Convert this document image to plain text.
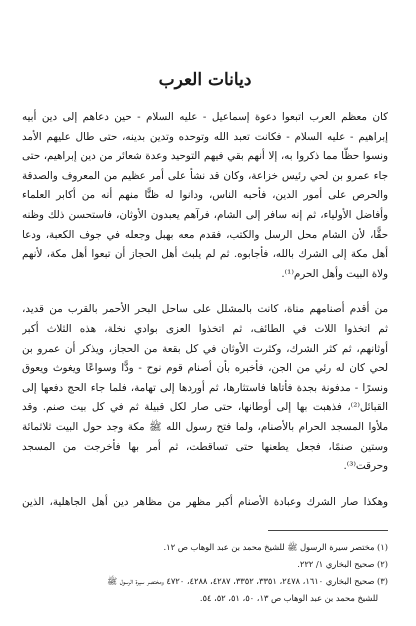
ديانات العرب

كان معظم العرب اتبعوا دعوة إسماعيل - عليه السلام - حين دعاهم إلى دين أبيه
إبراهيم - عليه السلام - فكانت تعبد الله وتوحده وتدين بدينه، حتى طال عليهم الأمد
ونسوا حظًّا مما ذكروا به، إلا أنهم بقي فيهم التوحيد وعدة شعائر من دين إبراهيم، حتى
جاء عمرو بن لحي رئيس خزاعة، وكان قد نشأ على أمر عظيم من المعروف والصدقة
والحرص على أمور الدين، فأحبه الناس، ودانوا له ظنًّا منهم أنه من أكابر العلماء
وأفاضل الأولياء، ثم إنه سافر إلى الشام، فرآهم يعبدون الأوثان، فاستحسن ذلك وظنه
حقًّا، لأن الشام محل الرسل والكتب، فقدم معه بهبل وجعله في جوف الكعبة، ودعا
أهل مكة إلى الشرك بالله، فأجابوه. ثم لم يلبث أهل الحجاز أن تبعوا أهل مكة، لأنهم
ولاة البيت وأهل الحرم⁽¹⁾.

من أقدم أصنامهم مناة، كانت بالمشلل على ساحل البحر الأحمر بالقرب من قديد،
ثم اتخذوا اللات في الطائف، ثم اتخذوا العزى بوادي نخلة، هذه الثلاث أكبر
أوثانهم، ثم كثر الشرك، وكثرت الأوثان في كل بقعة من الحجاز، ويذكر أن عمرو بن
لحي كان له رئي من الجن، فأخبره بأن أصنام قوم نوح - ودًّا وسواعًا ويغوث ويعوق
ونسرًا - مدفونة بجدة فأتاها فاستثارها، ثم أوردها إلى تهامة، فلما جاء الحج دفعها إلى
القبائل⁽²⁾، فذهبت بها إلى أوطانها، حتى صار لكل قبيلة ثم في كل بيت صنم. وقد
ملأوا المسجد الحرام بالأصنام، ولما فتح رسول الله ﷺ مكة وجد حول البيت ثلاثمائة
وستين صنمًا، فجعل يطعنها حتى تساقطت، ثم أمر بها فأخرجت من المسجد
وحرقت⁽³⁾.

وهكذا صار الشرك وعبادة الأصنام أكبر مظهر من مظاهر دين أهل الجاهلية، الذين

(١) مختصر سيرة الرسول ﷺ للشيخ محمد بن عبد الوهاب ص ١٢.
(٢) صحيح البخاري ١/ ٢٢٢.
(٣) صحيح البخاري ١٦١٠، ٢٤٧٨، ٣٣٥١، ٣٣٥٢، ٤٢٨٧، ٤٢٨٨، ٤٧٢٠ ومختصر سيرة الرسول ﷺ
للشيخ محمد بن عبد الوهاب ص ١٣، ٥٠، ٥١، ٥٢، ٥٤.
